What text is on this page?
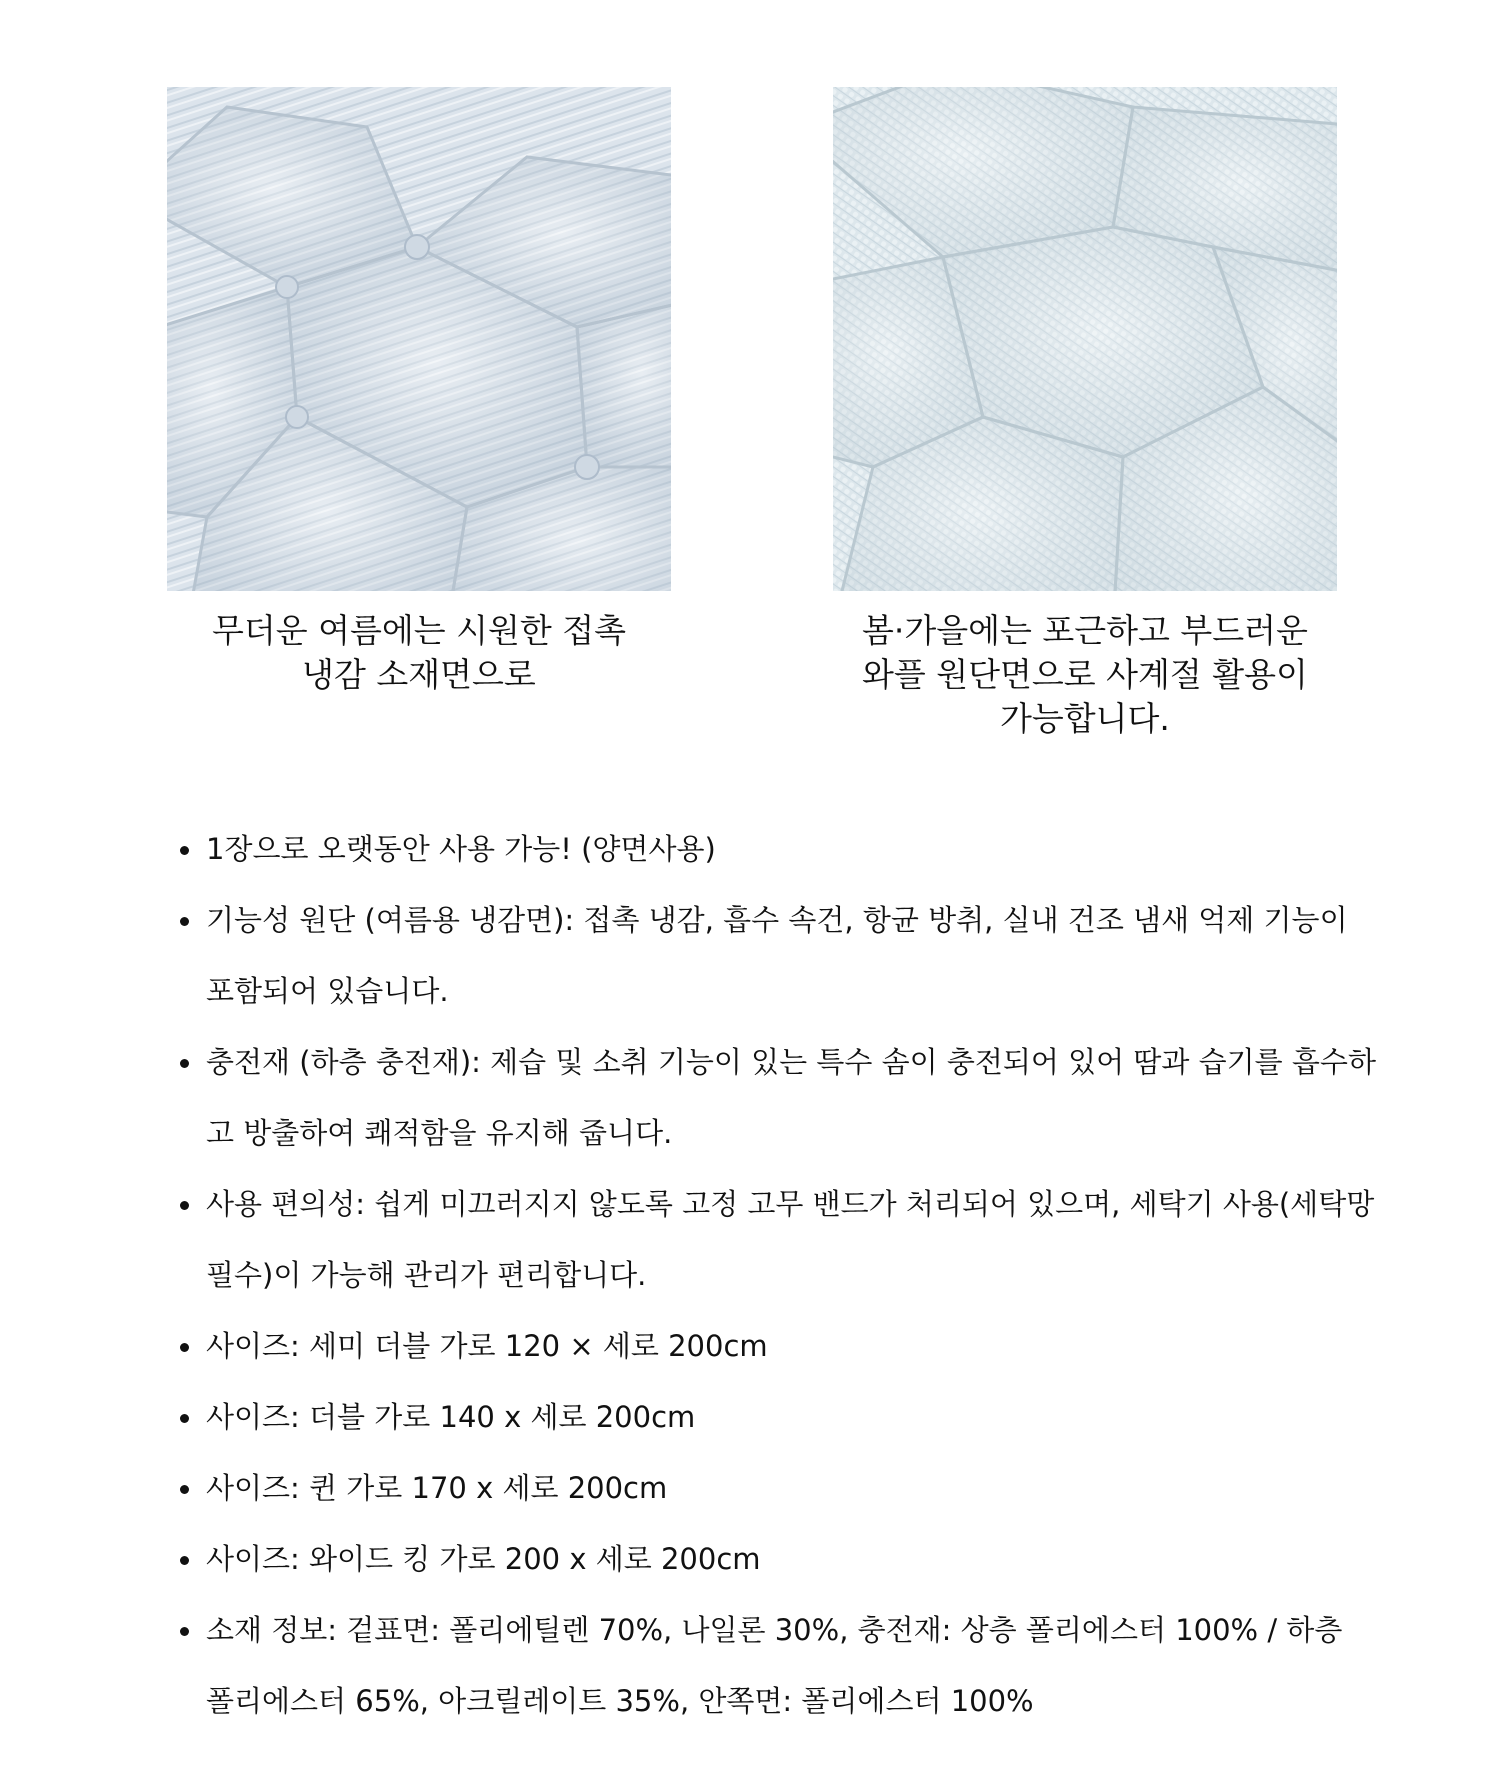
무더운 여름에는 시원한 접촉
냉감 소재면으로
봄·가을에는 포근하고 부드러운
와플 원단면으로 사계절 활용이
가능합니다.
1장으로 오랫동안 사용 가능! (양면사용)
기능성 원단 (여름용 냉감면): 접촉 냉감, 흡수 속건, 항균 방취, 실내 건조 냄새 억제 기능이 포함되어 있습니다.
충전재 (하층 충전재): 제습 및 소취 기능이 있는 특수 솜이 충전되어 있어 땀과 습기를 흡수하고 방출하여 쾌적함을 유지해 줍니다.
사용 편의성: 쉽게 미끄러지지 않도록 고정 고무 밴드가 처리되어 있으며, 세탁기 사용(세탁망 필수)이 가능해 관리가 편리합니다.
사이즈: 세미 더블 가로 120 × 세로 200cm
사이즈: 더블 가로 140 x 세로 200cm
사이즈: 퀸 가로 170 x 세로 200cm
사이즈: 와이드 킹 가로 200 x 세로 200cm
소재 정보: 겉표면: 폴리에틸렌 70%, 나일론 30%, 충전재: 상층 폴리에스터 100% / 하층 폴리에스터 65%, 아크릴레이트 35%, 안쪽면: 폴리에스터 100%
